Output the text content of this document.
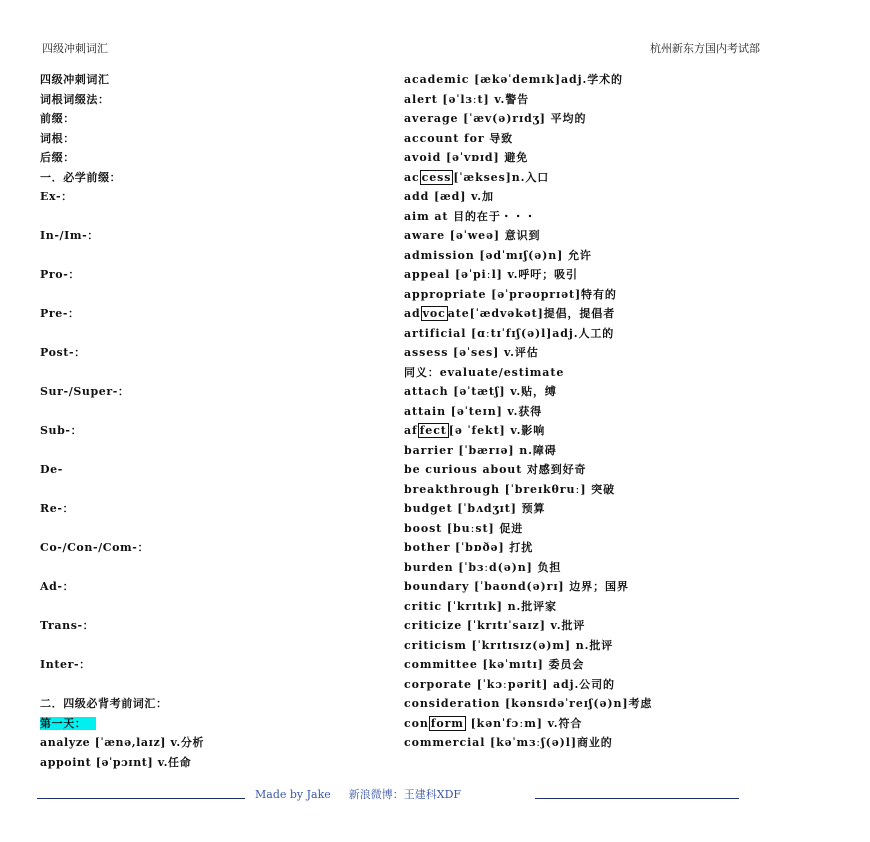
四级冲刺词汇	杭州新东方国内考试部
四级冲刺词汇
词根词缀法：
前缀：
词根：
后缀：
一．必学前缀：
Ex-：
In-/Im-：
Pro-：
Pre-：
Post-：
Sur-/Super-：
Sub-：
De-
Re-：
Co-/Con-/Com-：
Ad-：
Trans-：
Inter-：
二．四级必背考前词汇：
第一天：
analyze [ˈænə,laɪz] v.分析
appoint [əˈpɔɪnt] v.任命
academic [ækəˈdemɪk]adj.学术的
alert [əˈlɜːt] v.警告
average [ˈæv(ə)rɪdʒ] 平均的
account for 导致
avoid [əˈvɒɪd] 避免
ac cess [ˈækses]n.入口
add [æd] v.加
aim at 目的在于・・・
aware [əˈweə] 意识到
admission [ədˈmɪʃ(ə)n] 允许
appeal [əˈpiːl] v.呼吁；吸引
appropriate [əˈprəʊprɪət]特有的
ad voc ate[ˈædvəkət]提倡，提倡者
artificial [ɑːtɪˈfɪʃ(ə)l]adj.人工的
assess [əˈses] v.评估
同义：evaluate/estimate
attach [əˈtætʃ] v.贴，缚
attain [əˈteɪn] v.获得
af fect [ə ˈfekt] v.影响
barrier [ˈbærɪə] n.障碍
be curious about 对感到好奇
breakthrough [ˈbreɪkθruː] 突破
budget [ˈbʌdʒɪt] 预算
boost [buːst] 促进
bother [ˈbɒðə] 打扰
burden [ˈbɜːd(ə)n] 负担
boundary [ˈbaʊnd(ə)rɪ] 边界；国界
critic [ˈkrɪtɪk] n.批评家
criticize [ˈkrɪtɪˈsaɪz] v.批评
criticism [ˈkrɪtɪsɪz(ə)m] n.批评
committee [kəˈmɪtɪ] 委员会
corporate [ˈkɔːpərit] adj.公司的
consideration [kənsɪdəˈreɪʃ(ə)n]考虑
con form [kənˈfɔːm] v.符合
commercial [kəˈmɜːʃ(ə)l]商业的
Made by Jake 新浪微博：王建科XDF
